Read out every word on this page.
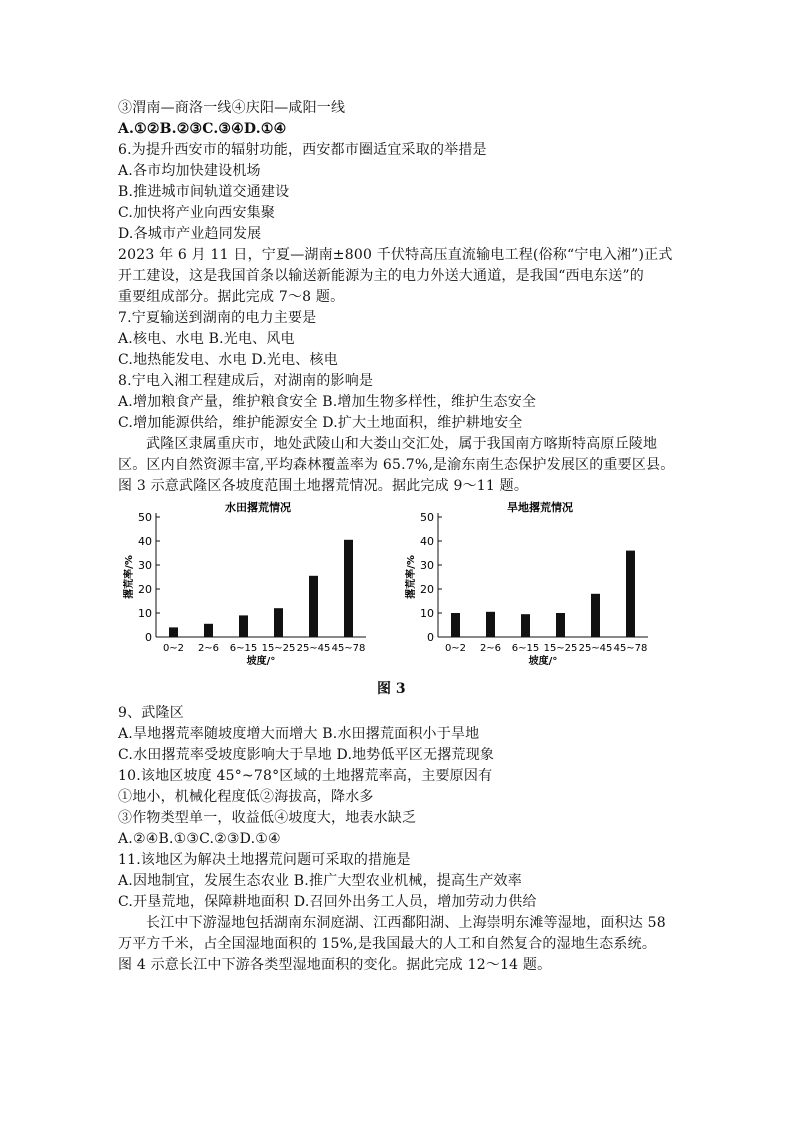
③渭南—商洛一线④庆阳—咸阳一线
A.①②B.②③C.③④D.①④
6.为提升西安市的辐射功能，西安都市圈适宜采取的举措是
A.各市均加快建设机场
B.推进城市间轨道交通建设
C.加快将产业向西安集聚
D.各城市产业趋同发展
2023 年 6 月 11 日，宁夏—湖南±800 千伏特高压直流输电工程(俗称“宁电入湘”)正式
开工建设，这是我国首条以输送新能源为主的电力外送大通道，是我国“西电东送”的
重要组成部分。据此完成 7～8 题。
7.宁夏输送到湖南的电力主要是
A.核电、水电 B.光电、风电
C.地热能发电、水电 D.光电、核电
8.宁电入湘工程建成后，对湖南的影响是
A.增加粮食产量，维护粮食安全 B.增加生物多样性，维护生态安全
C.增加能源供给，维护能源安全 D.扩大土地面积，维护耕地安全
武隆区隶属重庆市，地处武陵山和大娄山交汇处，属于我国南方喀斯特高原丘陵地
区。区内自然资源丰富,平均森林覆盖率为 65.7%,是渝东南生态保护发展区的重要区县。
图 3 示意武隆区各坡度范围土地撂荒情况。据此完成 9～11 题。
水田撂荒情况
0
10
20
30
40
50
撂荒率/%
0~2 2~6 6~15 15~25 25~45 45~78
坡度/°
旱地撂荒情况
0
10
20
30
40
50
撂荒率/%
0~2 2~6 6~15 15~25 25~45 45~78
坡度/°
图 3
9、武隆区
A.旱地撂荒率随坡度增大而增大 B.水田撂荒面积小于旱地
C.水田撂荒率受坡度影响大于旱地 D.地势低平区无撂荒现象
10.该地区坡度 45°~78°区域的土地撂荒率高，主要原因有
①地小，机械化程度低②海拔高，降水多
③作物类型单一，收益低④坡度大，地表水缺乏
A.②④B.①③C.②③D.①④
11.该地区为解决土地撂荒问题可采取的措施是
A.因地制宜，发展生态农业 B.推广大型农业机械，提高生产效率
C.开垦荒地，保障耕地面积 D.召回外出务工人员，增加劳动力供给
长江中下游湿地包括湖南东洞庭湖、江西鄱阳湖、上海崇明东滩等湿地，面积达 58
万平方千米，占全国湿地面积的 15%,是我国最大的人工和自然复合的湿地生态系统。
图 4 示意长江中下游各类型湿地面积的变化。据此完成 12～14 题。
